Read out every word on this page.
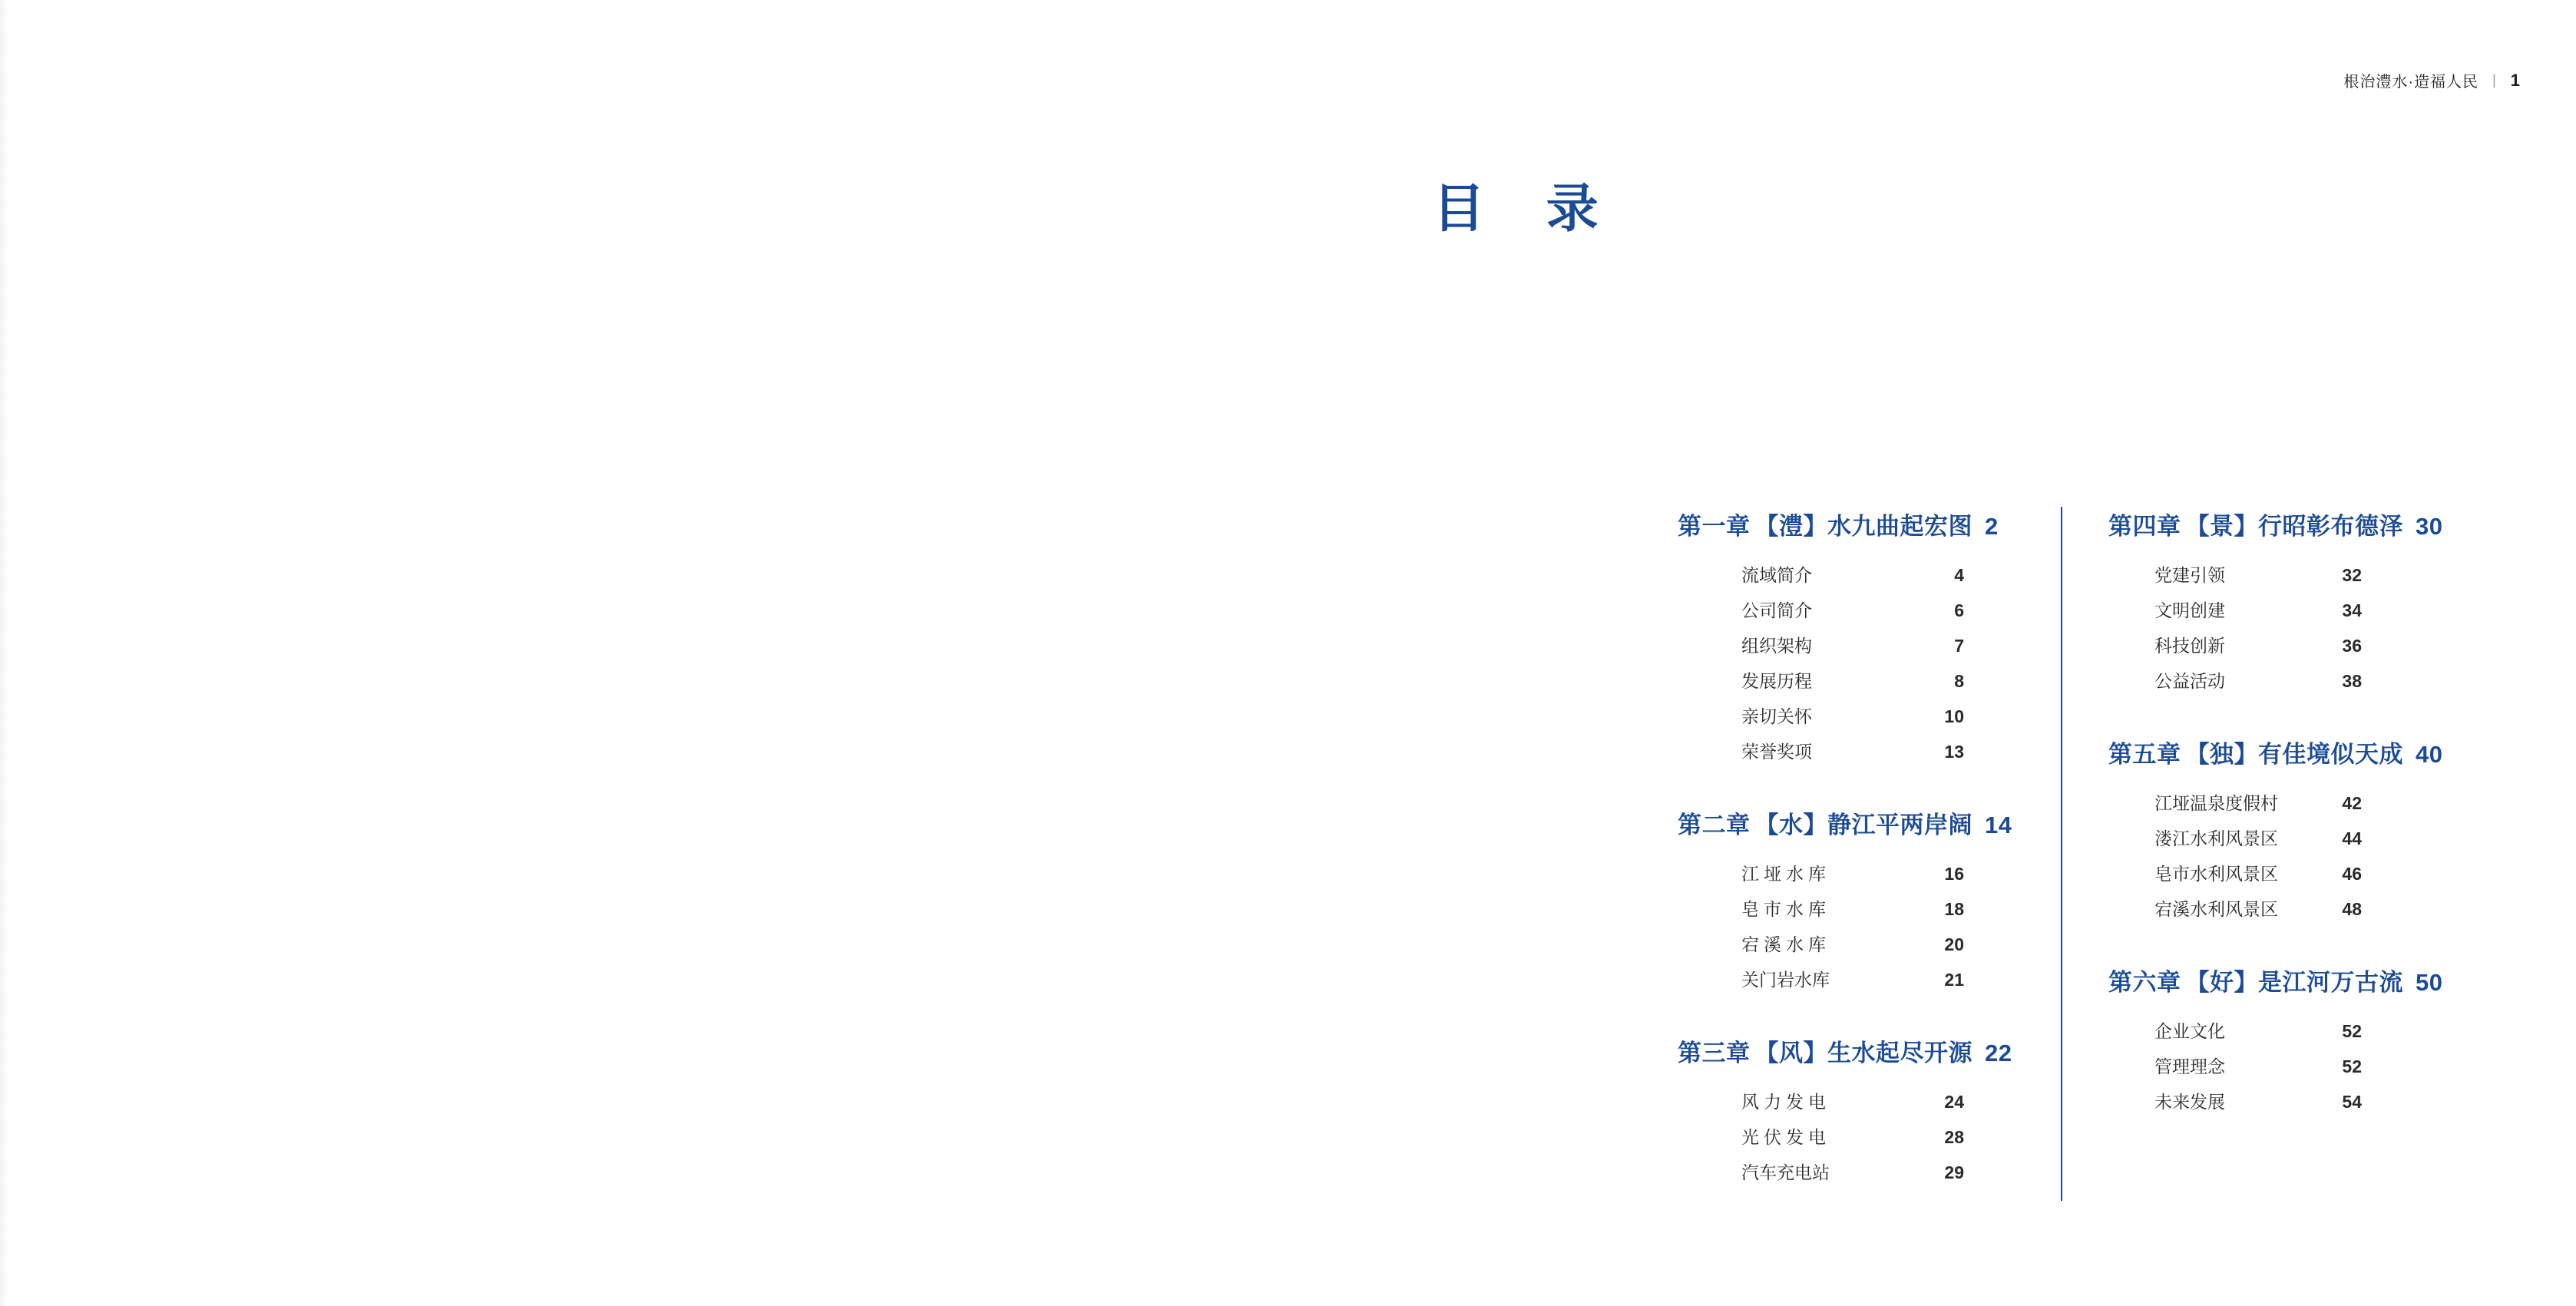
根治澧水·造福人民 | 1
目 录
第一章 【澧】水九曲起宏图 2
流域简介	4
公司简介	6
组织架构	7
发展历程	8
亲切关怀	10
荣誉奖项	13
第二章 【水】静江平两岸阔 14
江垭水库	16
皂市水库	18
宕溪水库	20
关门岩水库	21
第三章 【风】生水起尽开源 22
风力发电	24
光伏发电	28
汽车充电站	29
第四章 【景】行昭彰布德泽 30
党建引领	32
文明创建	34
科技创新	36
公益活动	38
第五章 【独】有佳境似天成 40
江垭温泉度假村	42
溇江水利风景区	44
皂市水利风景区	46
宕溪水利风景区	48
第六章 【好】是江河万古流 50
企业文化	52
管理理念	52
未来发展	54
